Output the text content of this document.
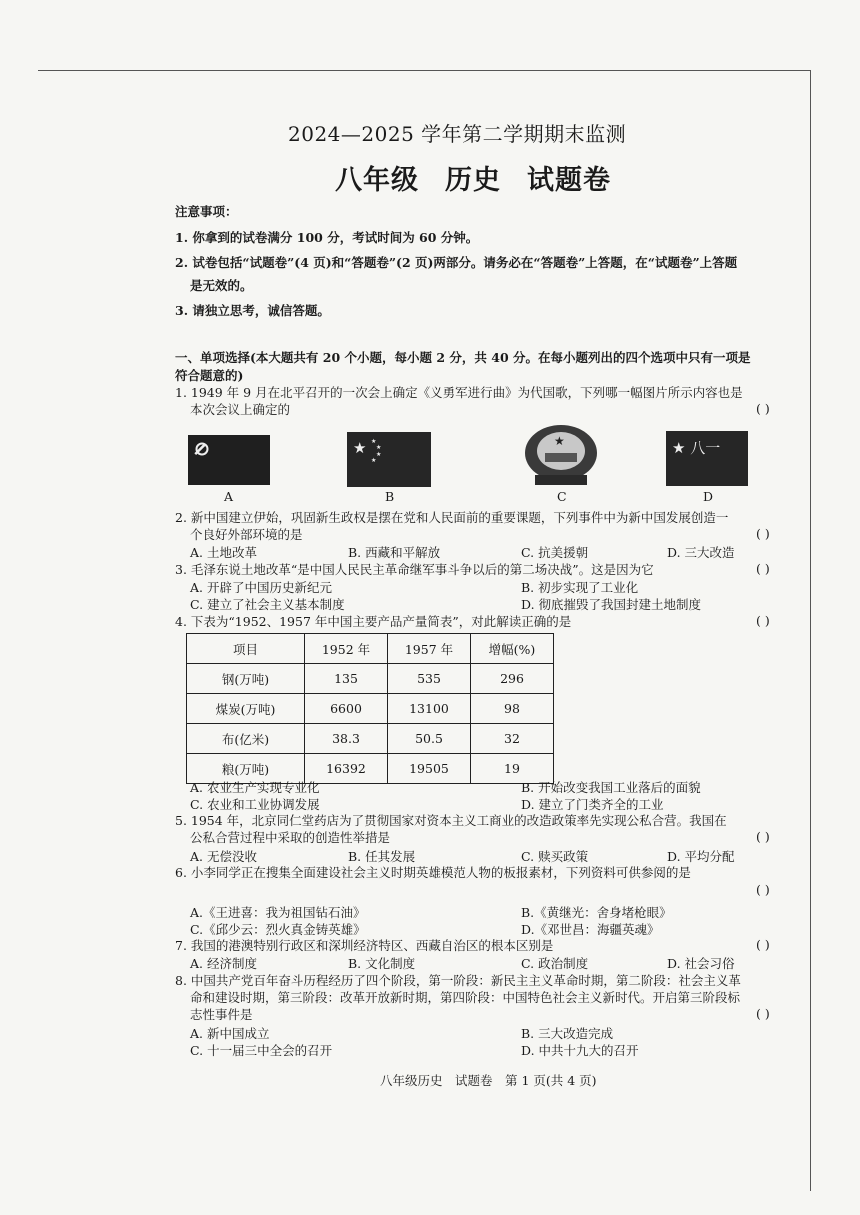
2024—2025 学年第二学期期末监测
八年级 历史 试题卷
注意事项：
1. 你拿到的试卷满分 100 分，考试时间为 60 分钟。
2. 试卷包括“试题卷”(4 页)和“答题卷”(2 页)两部分。请务必在“答题卷”上答题，在“试题卷”上答题
是无效的。
3. 请独立思考，诚信答题。
一、单项选择(本大题共有 20 个小题，每小题 2 分，共 40 分。在每小题列出的四个选项中只有一项是
符合题意的)
1. 1949 年 9 月在北平召开的一次会上确定《义勇军进行曲》为代国歌，下列哪一幅图片所示内容也是
本次会议上确定的	( )
A
★ ★
★
★
★
B
★
C
★ 八一
D
2. 新中国建立伊始，巩固新生政权是摆在党和人民面前的重要课题，下列事件中为新中国发展创造一
个良好外部环境的是	( )
A. 土地改革	B. 西藏和平解放	C. 抗美援朝	D. 三大改造
3. 毛泽东说土地改革“是中国人民民主革命继军事斗争以后的第二场决战”。这是因为它	( )
A. 开辟了中国历史新纪元	B. 初步实现了工业化
C. 建立了社会主义基本制度	D. 彻底摧毁了我国封建土地制度
4. 下表为“1952、1957 年中国主要产品产量简表”，对此解读正确的是	( )
项目	1952 年	1957 年	增幅(%)
钢(万吨)	135	535	296
煤炭(万吨)	6600	13100	98
布(亿米)	38.3	50.5	32
粮(万吨)	16392	19505	19
A. 农业生产实现专业化	B. 开始改变我国工业落后的面貌
C. 农业和工业协调发展	D. 建立了门类齐全的工业
5. 1954 年，北京同仁堂药店为了贯彻国家对资本主义工商业的改造政策率先实现公私合营。我国在
公私合营过程中采取的创造性举措是	( )
A. 无偿没收	B. 任其发展	C. 赎买政策	D. 平均分配
6. 小李同学正在搜集全面建设社会主义时期英雄模范人物的板报素材，下列资料可供参阅的是
( )
A.《王进喜：我为祖国钻石油》	B.《黄继光：舍身堵枪眼》
C.《邱少云：烈火真金铸英雄》	D.《邓世昌：海疆英魂》
7. 我国的港澳特别行政区和深圳经济特区、西藏自治区的根本区别是	( )
A. 经济制度	B. 文化制度	C. 政治制度	D. 社会习俗
8. 中国共产党百年奋斗历程经历了四个阶段，第一阶段：新民主主义革命时期，第二阶段：社会主义革
命和建设时期，第三阶段：改革开放新时期，第四阶段：中国特色社会主义新时代。开启第三阶段标
志性事件是	( )
A. 新中国成立	B. 三大改造完成
C. 十一届三中全会的召开	D. 中共十九大的召开
八年级历史　试题卷　第 1 页(共 4 页)
